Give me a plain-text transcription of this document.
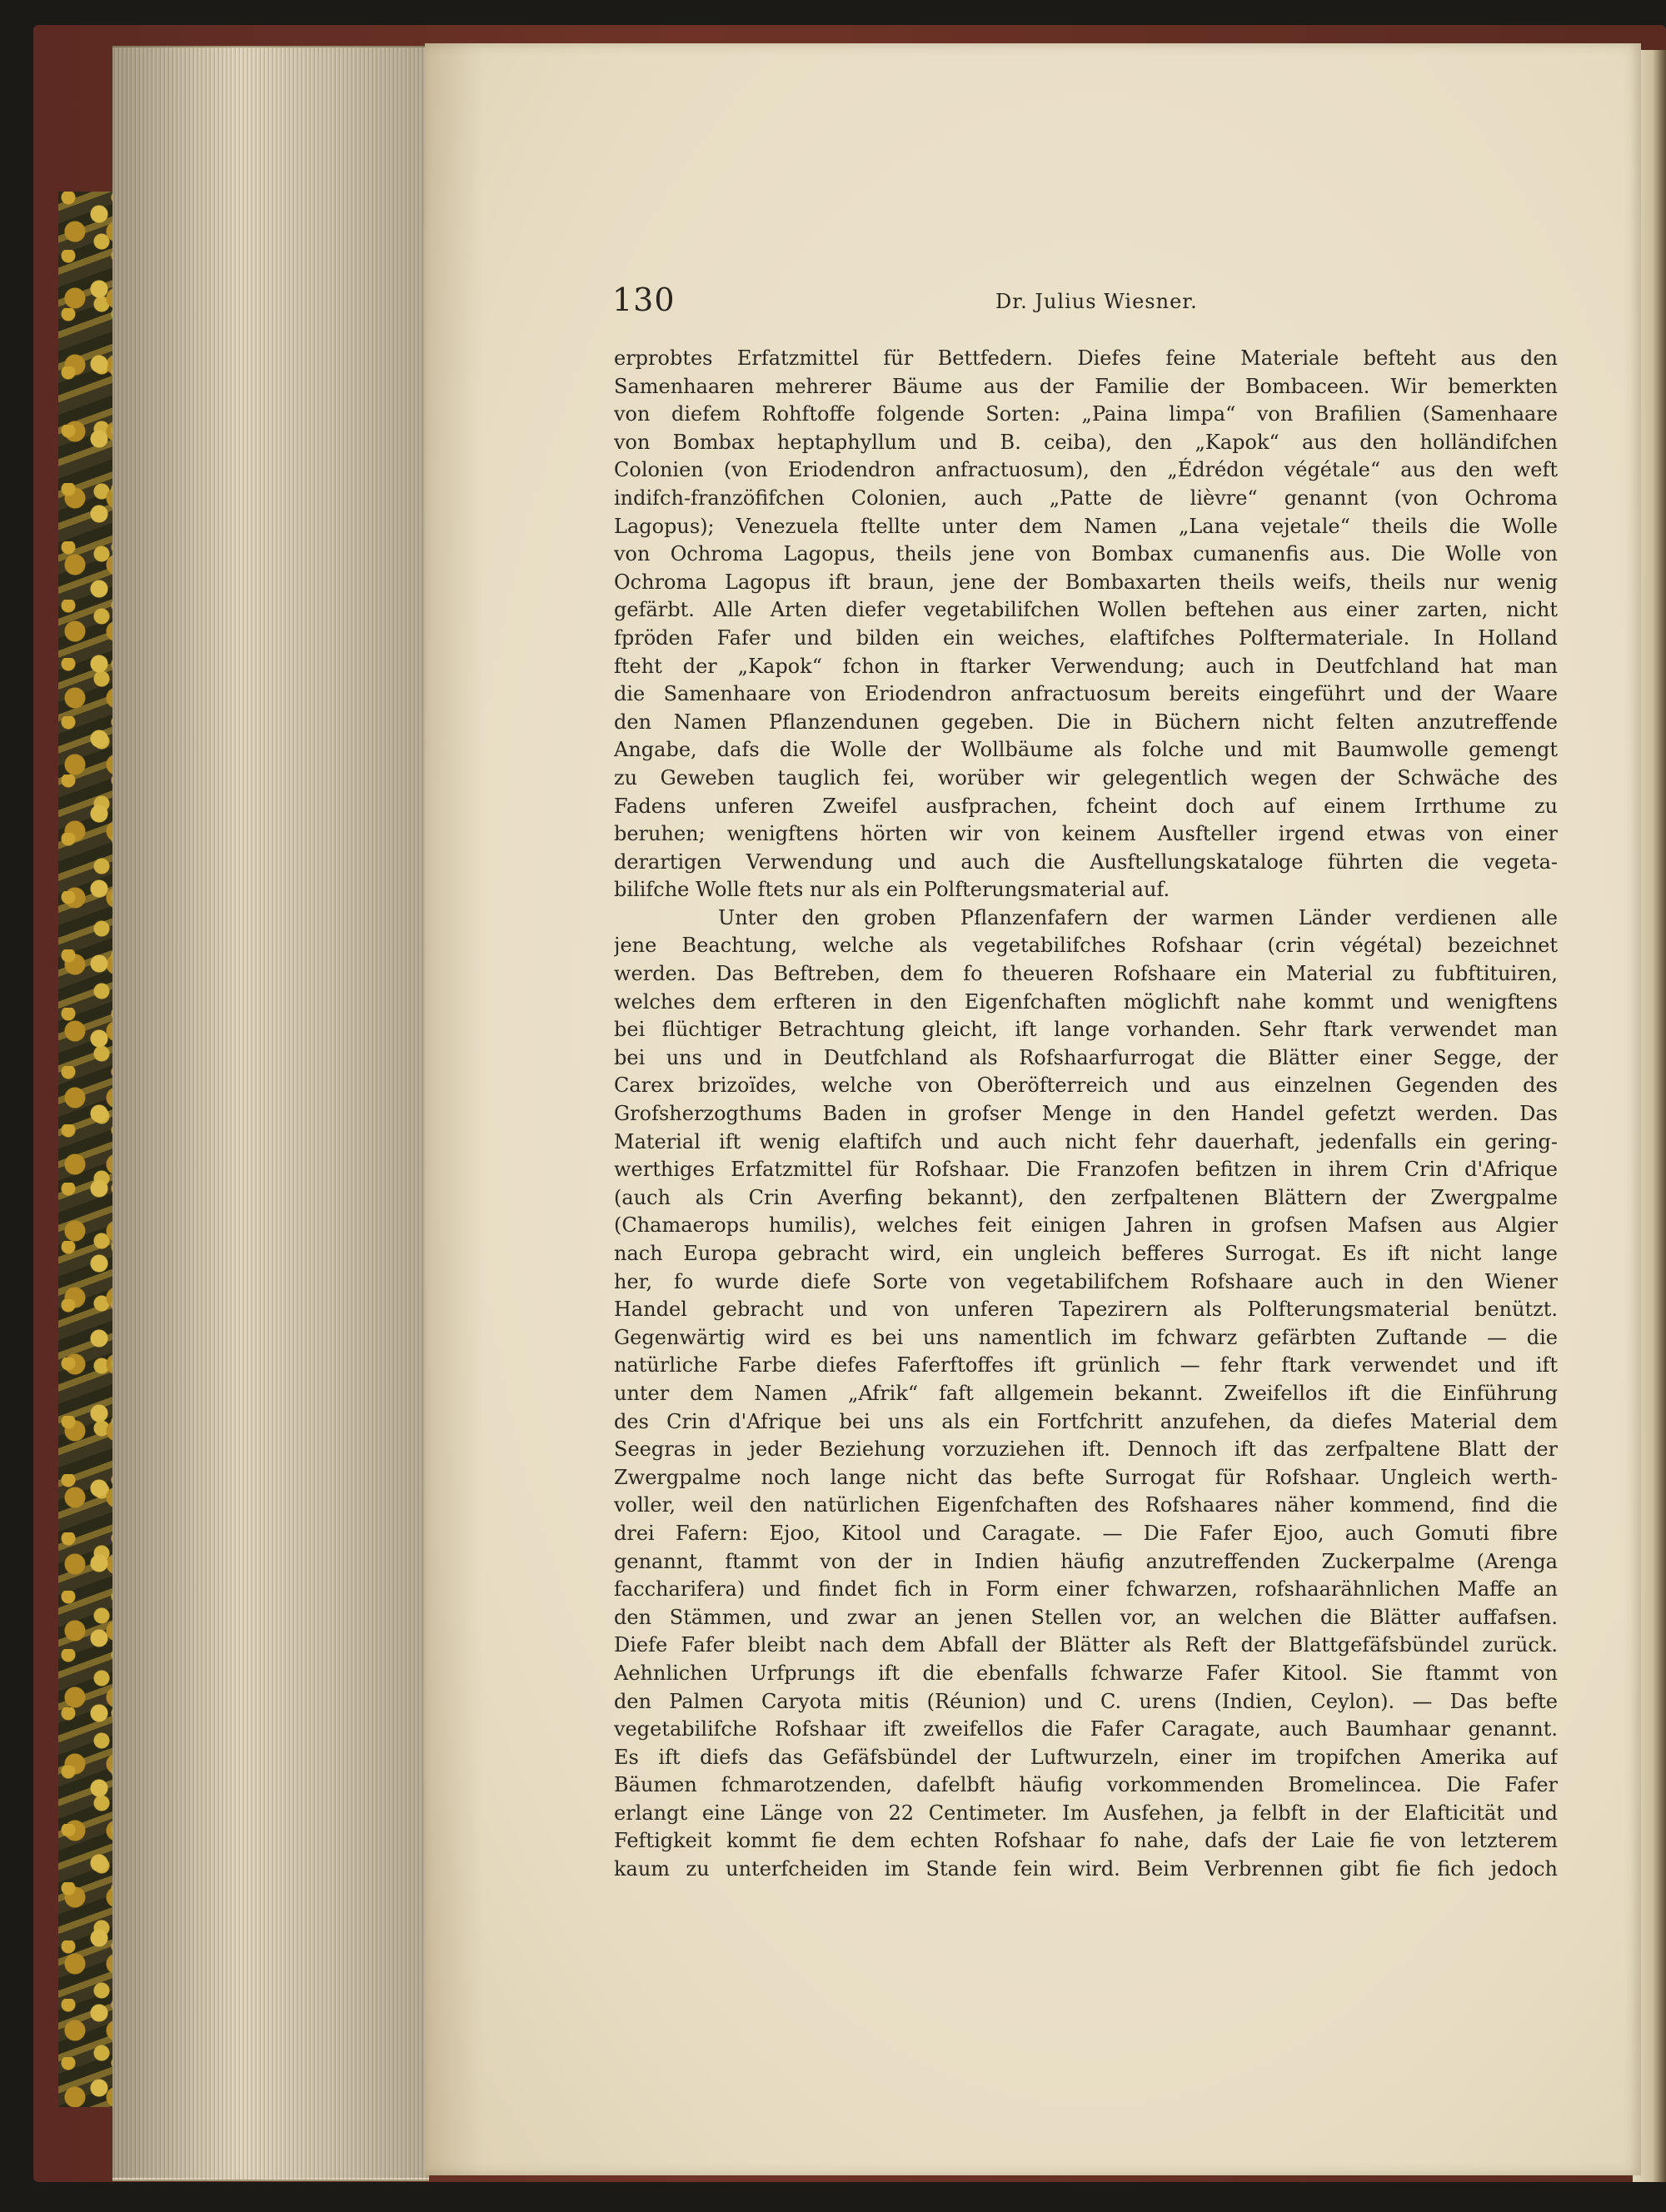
130	Dr. Julius Wiesner.
erprobtes Erfatzmittel für Bettfedern. Diefes feine Materiale befteht aus den
Samenhaaren mehrerer Bäume aus der Familie der Bombaceen. Wir bemerkten
von diefem Rohftoffe folgende Sorten: „Paina limpa“ von Brafilien (Samenhaare
von Bombax heptaphyllum und B. ceiba), den „Kapok“ aus den holländifchen
Colonien (von Eriodendron anfractuosum), den „Édrédon végétale“ aus den weft
indifch-franzöfifchen Colonien, auch „Patte de lièvre“ genannt (von Ochroma
Lagopus); Venezuela ftellte unter dem Namen „Lana vejetale“ theils die Wolle
von Ochroma Lagopus, theils jene von Bombax cumanenfis aus. Die Wolle von
Ochroma Lagopus ift braun, jene der Bombaxarten theils weifs, theils nur wenig
gefärbt. Alle Arten diefer vegetabilifchen Wollen beftehen aus einer zarten, nicht
fpröden Fafer und bilden ein weiches, elaftifches Polftermateriale. In Holland
fteht der „Kapok“ fchon in ftarker Verwendung; auch in Deutfchland hat man
die Samenhaare von Eriodendron anfractuosum bereits eingeführt und der Waare
den Namen Pflanzendunen gegeben. Die in Büchern nicht felten anzutreffende
Angabe, dafs die Wolle der Wollbäume als folche und mit Baumwolle gemengt
zu Geweben tauglich fei, worüber wir gelegentlich wegen der Schwäche des
Fadens unferen Zweifel ausfprachen, fcheint doch auf einem Irrthume zu
beruhen; wenigftens hörten wir von keinem Ausfteller irgend etwas von einer
derartigen Verwendung und auch die Ausftellungskataloge führten die vegeta-
bilifche Wolle ftets nur als ein Polfterungsmaterial auf.
Unter den groben Pflanzenfafern der warmen Länder verdienen alle
jene Beachtung, welche als vegetabilifches Rofshaar (crin végétal) bezeichnet
werden. Das Beftreben, dem fo theueren Rofshaare ein Material zu fubftituiren,
welches dem erfteren in den Eigenfchaften möglichft nahe kommt und wenigftens
bei flüchtiger Betrachtung gleicht, ift lange vorhanden. Sehr ftark verwendet man
bei uns und in Deutfchland als Rofshaarfurrogat die Blätter einer Segge, der
Carex brizoïdes, welche von Oberöfterreich und aus einzelnen Gegenden des
Grofsherzogthums Baden in grofser Menge in den Handel gefetzt werden. Das
Material ift wenig elaftifch und auch nicht fehr dauerhaft, jedenfalls ein gering-
werthiges Erfatzmittel für Rofshaar. Die Franzofen befitzen in ihrem Crin d'Afrique
(auch als Crin Averfing bekannt), den zerfpaltenen Blättern der Zwergpalme
(Chamaerops humilis), welches feit einigen Jahren in grofsen Mafsen aus Algier
nach Europa gebracht wird, ein ungleich befferes Surrogat. Es ift nicht lange
her, fo wurde diefe Sorte von vegetabilifchem Rofshaare auch in den Wiener
Handel gebracht und von unferen Tapezirern als Polfterungsmaterial benützt.
Gegenwärtig wird es bei uns namentlich im fchwarz gefärbten Zuftande — die
natürliche Farbe diefes Faferftoffes ift grünlich — fehr ftark verwendet und ift
unter dem Namen „Afrik“ faft allgemein bekannt. Zweifellos ift die Einführung
des Crin d'Afrique bei uns als ein Fortfchritt anzufehen, da diefes Material dem
Seegras in jeder Beziehung vorzuziehen ift. Dennoch ift das zerfpaltene Blatt der
Zwergpalme noch lange nicht das befte Surrogat für Rofshaar. Ungleich werth-
voller, weil den natürlichen Eigenfchaften des Rofshaares näher kommend, find die
drei Fafern: Ejoo, Kitool und Caragate. — Die Fafer Ejoo, auch Gomuti fibre
genannt, ftammt von der in Indien häufig anzutreffenden Zuckerpalme (Arenga
faccharifera) und findet fich in Form einer fchwarzen, rofshaarähnlichen Maffe an
den Stämmen, und zwar an jenen Stellen vor, an welchen die Blätter auffafsen.
Diefe Fafer bleibt nach dem Abfall der Blätter als Reft der Blattgefäfsbündel zurück.
Aehnlichen Urfprungs ift die ebenfalls fchwarze Fafer Kitool. Sie ftammt von
den Palmen Caryota mitis (Réunion) und C. urens (Indien, Ceylon). — Das befte
vegetabilifche Rofshaar ift zweifellos die Fafer Caragate, auch Baumhaar genannt.
Es ift diefs das Gefäfsbündel der Luftwurzeln, einer im tropifchen Amerika auf
Bäumen fchmarotzenden, dafelbft häufig vorkommenden Bromelincea. Die Fafer
erlangt eine Länge von 22 Centimeter. Im Ausfehen, ja felbft in der Elafticität und
Feftigkeit kommt fie dem echten Rofshaar fo nahe, dafs der Laie fie von letzterem
kaum zu unterfcheiden im Stande fein wird. Beim Verbrennen gibt fie fich jedoch
